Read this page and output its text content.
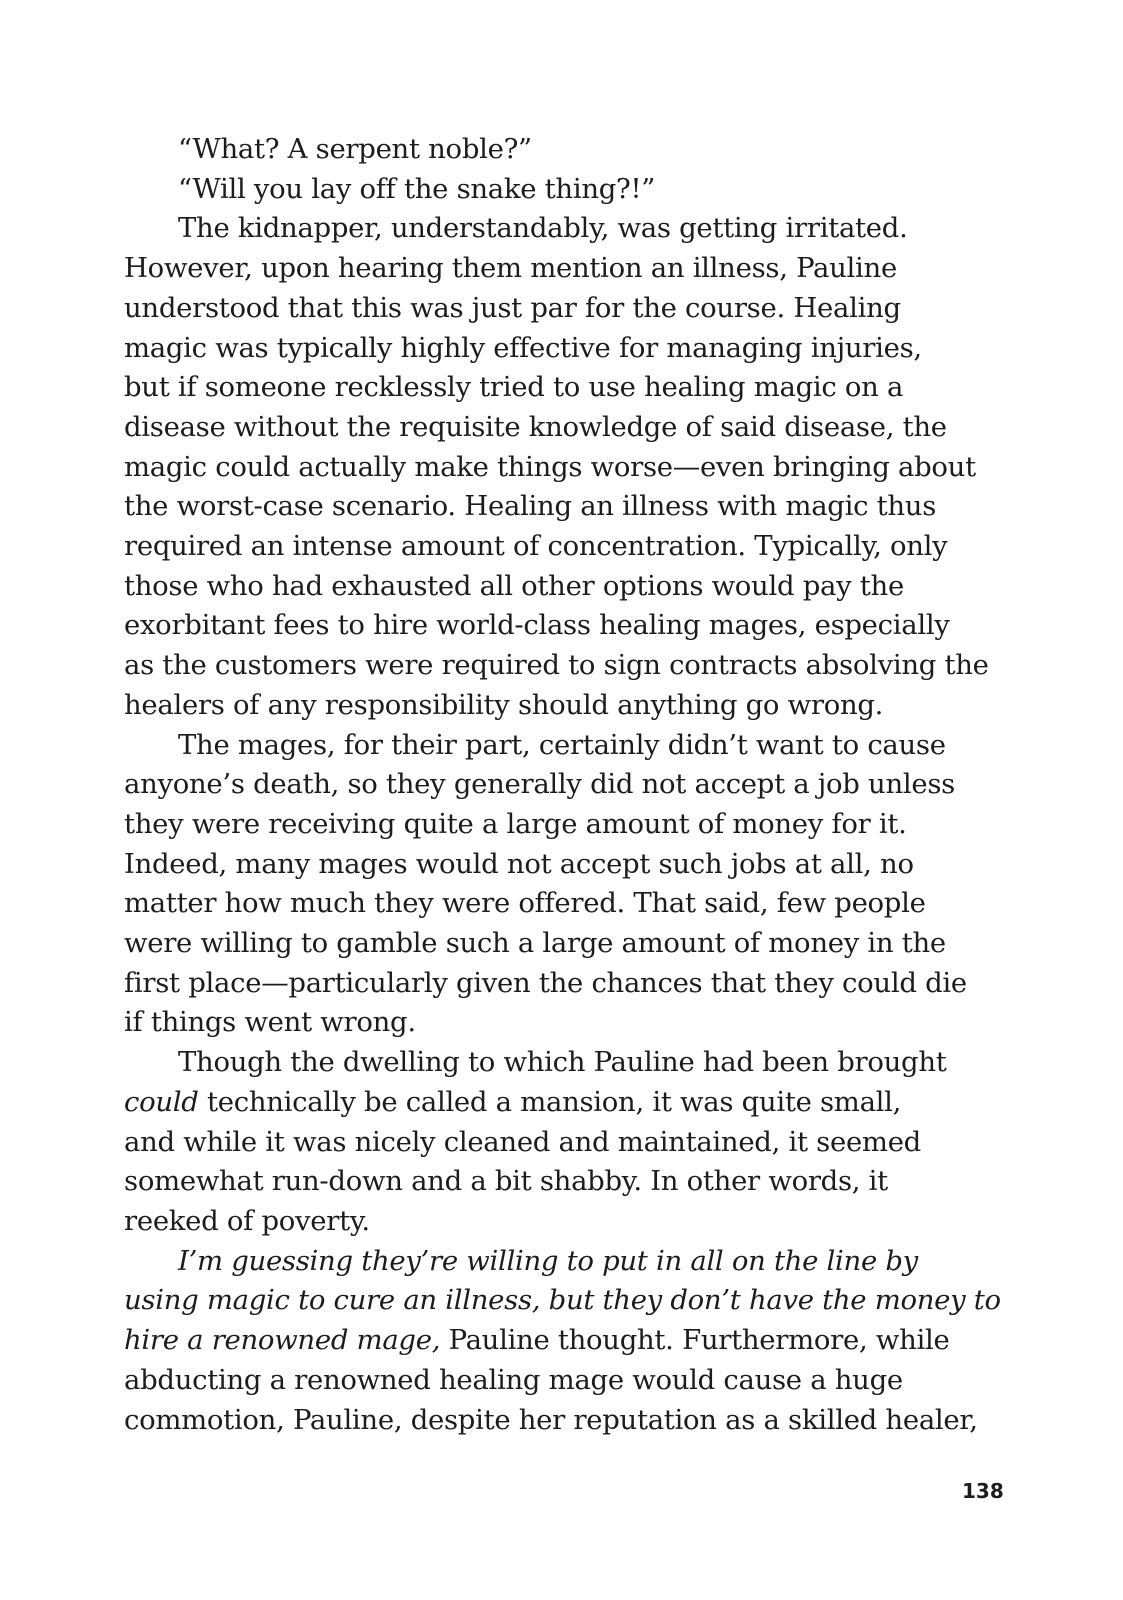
“What? A serpent noble?”
“Will you lay off the snake thing?!”
The kidnapper, understandably, was getting irritated.
However, upon hearing them mention an illness, Pauline
understood that this was just par for the course. Healing
magic was typically highly effective for managing injuries,
but if someone recklessly tried to use healing magic on a
disease without the requisite knowledge of said disease, the
magic could actually make things worse—even bringing about
the worst-case scenario. Healing an illness with magic thus
required an intense amount of concentration. Typically, only
those who had exhausted all other options would pay the
exorbitant fees to hire world-class healing mages, especially
as the customers were required to sign contracts absolving the
healers of any responsibility should anything go wrong.
The mages, for their part, certainly didn’t want to cause
anyone’s death, so they generally did not accept a job unless
they were receiving quite a large amount of money for it.
Indeed, many mages would not accept such jobs at all, no
matter how much they were offered. That said, few people
were willing to gamble such a large amount of money in the
first place—particularly given the chances that they could die
if things went wrong.
Though the dwelling to which Pauline had been brought
could technically be called a mansion, it was quite small,
and while it was nicely cleaned and maintained, it seemed
somewhat run-down and a bit shabby. In other words, it
reeked of poverty.
I’m guessing they’re willing to put in all on the line by
using magic to cure an illness, but they don’t have the money to
hire a renowned mage, Pauline thought. Furthermore, while
abducting a renowned healing mage would cause a huge
commotion, Pauline, despite her reputation as a skilled healer,
138
